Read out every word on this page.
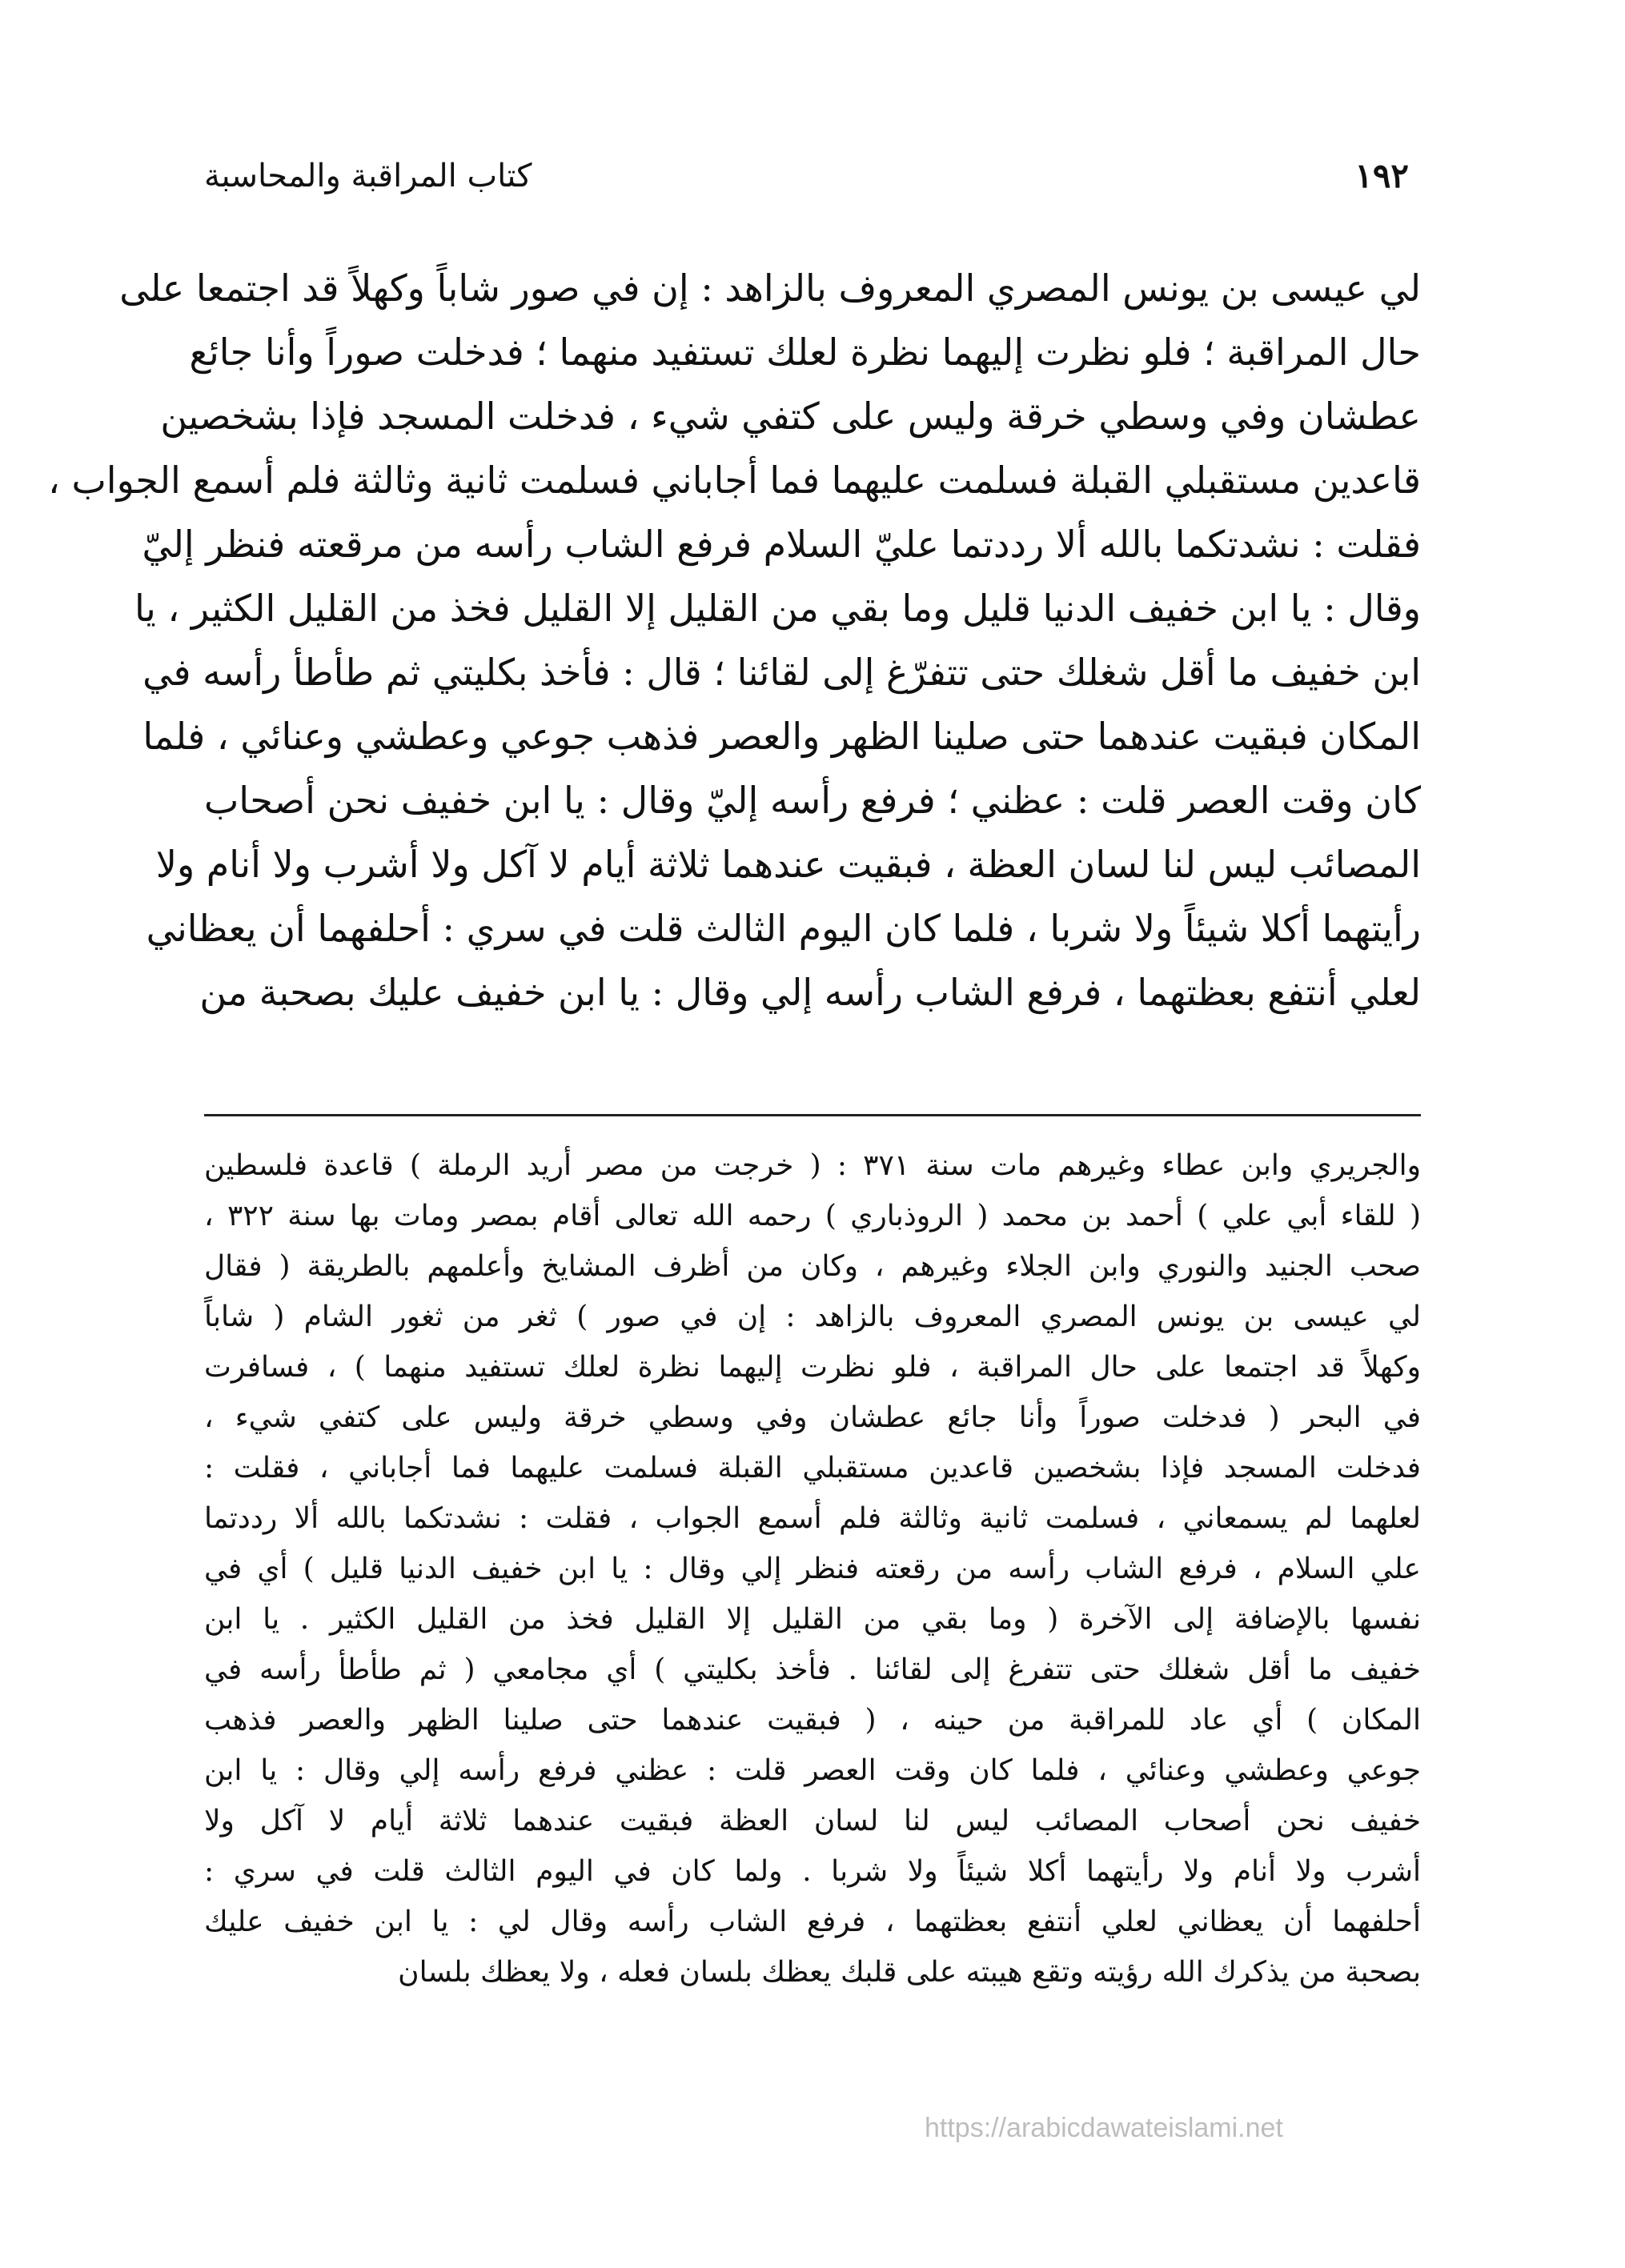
١٩٢
كتاب المراقبة والمحاسبة
لي عيسى بن يونس المصري المعروف بالزاهد : إن في صور شاباً وكهلاً قد اجتمعا على
حال المراقبة ؛ فلو نظرت إليهما نظرة لعلك تستفيد منهما ؛ فدخلت صوراً وأنا جائع
عطشان وفي وسطي خرقة وليس على كتفي شيء ، فدخلت المسجد فإذا بشخصين
قاعدين مستقبلي القبلة فسلمت عليهما فما أجاباني فسلمت ثانية وثالثة فلم أسمع الجواب ،
فقلت : نشدتكما بالله ألا رددتما عليّ السلام فرفع الشاب رأسه من مرقعته فنظر إليّ
وقال : يا ابن خفيف الدنيا قليل وما بقي من القليل إلا القليل فخذ من القليل الكثير ، يا
ابن خفيف ما أقل شغلك حتى تتفرّغ إلى لقائنا ؛ قال : فأخذ بكليتي ثم طأطأ رأسه في
المكان فبقيت عندهما حتى صلينا الظهر والعصر فذهب جوعي وعطشي وعنائي ، فلما
كان وقت العصر قلت : عظني ؛ فرفع رأسه إليّ وقال : يا ابن خفيف نحن أصحاب
المصائب ليس لنا لسان العظة ، فبقيت عندهما ثلاثة أيام لا آكل ولا أشرب ولا أنام ولا
رأيتهما أكلا شيئاً ولا شربا ، فلما كان اليوم الثالث قلت في سري : أحلفهما أن يعظاني
لعلي أنتفع بعظتهما ، فرفع الشاب رأسه إلي وقال : يا ابن خفيف عليك بصحبة من
والجريري وابن عطاء وغيرهم مات سنة ٣٧١ : ( خرجت من مصر أريد الرملة ) قاعدة فلسطين
( للقاء أبي علي ) أحمد بن محمد ( الروذباري ) رحمه الله تعالى أقام بمصر ومات بها سنة ٣٢٢ ،
صحب الجنيد والنوري وابن الجلاء وغيرهم ، وكان من أظرف المشايخ وأعلمهم بالطريقة ( فقال
لي عيسى بن يونس المصري المعروف بالزاهد : إن في صور ) ثغر من ثغور الشام ( شاباً
وكهلاً قد اجتمعا على حال المراقبة ، فلو نظرت إليهما نظرة لعلك تستفيد منهما ) ، فسافرت
في البحر ( فدخلت صوراً وأنا جائع عطشان وفي وسطي خرقة وليس على كتفي شيء ،
فدخلت المسجد فإذا بشخصين قاعدين مستقبلي القبلة فسلمت عليهما فما أجاباني ، فقلت :
لعلهما لم يسمعاني ، فسلمت ثانية وثالثة فلم أسمع الجواب ، فقلت : نشدتكما بالله ألا رددتما
علي السلام ، فرفع الشاب رأسه من رقعته فنظر إلي وقال : يا ابن خفيف الدنيا قليل ) أي في
نفسها بالإضافة إلى الآخرة ( وما بقي من القليل إلا القليل فخذ من القليل الكثير . يا ابن
خفيف ما أقل شغلك حتى تتفرغ إلى لقائنا . فأخذ بكليتي ) أي مجامعي ( ثم طأطأ رأسه في
المكان ) أي عاد للمراقبة من حينه ، ( فبقيت عندهما حتى صلينا الظهر والعصر فذهب
جوعي وعطشي وعنائي ، فلما كان وقت العصر قلت : عظني فرفع رأسه إلي وقال : يا ابن
خفيف نحن أصحاب المصائب ليس لنا لسان العظة فبقيت عندهما ثلاثة أيام لا آكل ولا
أشرب ولا أنام ولا رأيتهما أكلا شيئاً ولا شربا . ولما كان في اليوم الثالث قلت في سري :
أحلفهما أن يعظاني لعلي أنتفع بعظتهما ، فرفع الشاب رأسه وقال لي : يا ابن خفيف عليك
بصحبة من يذكرك الله رؤيته وتقع هيبته على قلبك يعظك بلسان فعله ، ولا يعظك بلسان
https://arabicdawateislami.net
